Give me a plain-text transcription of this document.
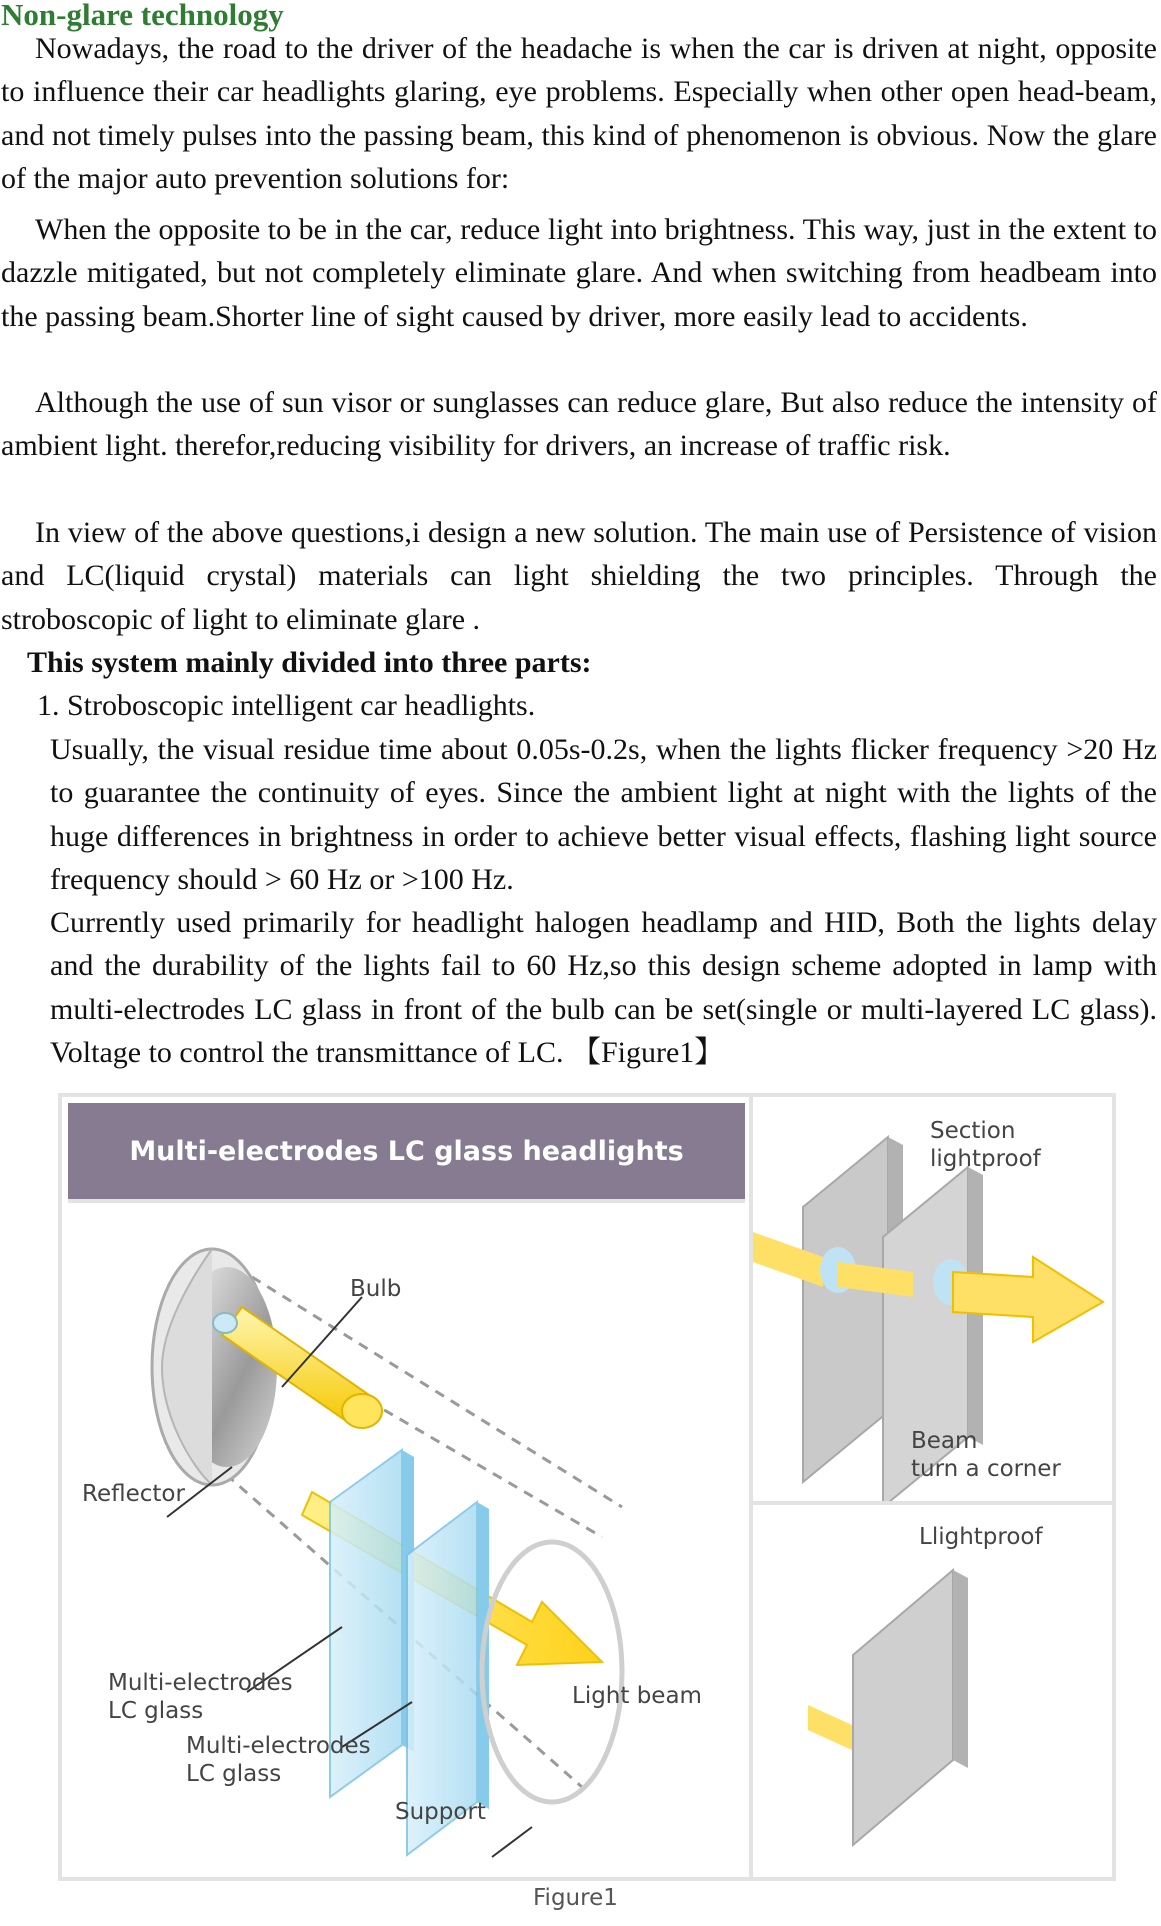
Non-glare technology
Nowadays, the road to the driver of the headache is when the car is driven at night, opposite to influence their car headlights glaring, eye problems. Especially when other open head-beam, and not timely pulses into the passing beam, this kind of phenomenon is obvious. Now the glare of the major auto prevention solutions for:
When the opposite to be in the car, reduce light into brightness. This way, just in the extent to dazzle mitigated, but not completely eliminate glare. And when switching from headbeam into the passing beam.Shorter line of sight caused by driver, more easily lead to accidents.
Although the use of sun visor or sunglasses can reduce glare, But also reduce the intensity of ambient light. therefor,reducing visibility for drivers, an increase of traffic risk.
In view of the above questions,i design a new solution. The main use of Persistence of vision and LC(liquid crystal) materials can light shielding the two principles. Through the stroboscopic of light to eliminate glare .
This system mainly divided into three parts:
1. Stroboscopic intelligent car headlights.
Usually, the visual residue time about 0.05s-0.2s, when the lights flicker frequency >20 Hz to guarantee the continuity of eyes. Since the ambient light at night with the lights of the huge differences in brightness in order to achieve better visual effects, flashing light source frequency should > 60 Hz or >100 Hz.
Currently used primarily for headlight halogen headlamp and HID, Both the lights delay and the durability of the lights fail to 60 Hz,so this design scheme adopted in lamp with multi-electrodes LC glass in front of the bulb can be set(single or multi-layered LC glass). Voltage to control the transmittance of LC. 【Figure1】
Multi-electrodes LC glass headlights
Bulb
Reflector
Multi-electrodes
LC glass
Multi-electrodes
LC glass
Light beam
Support
Section
lightproof
Beam
turn a corner
Llightproof
Figure1
